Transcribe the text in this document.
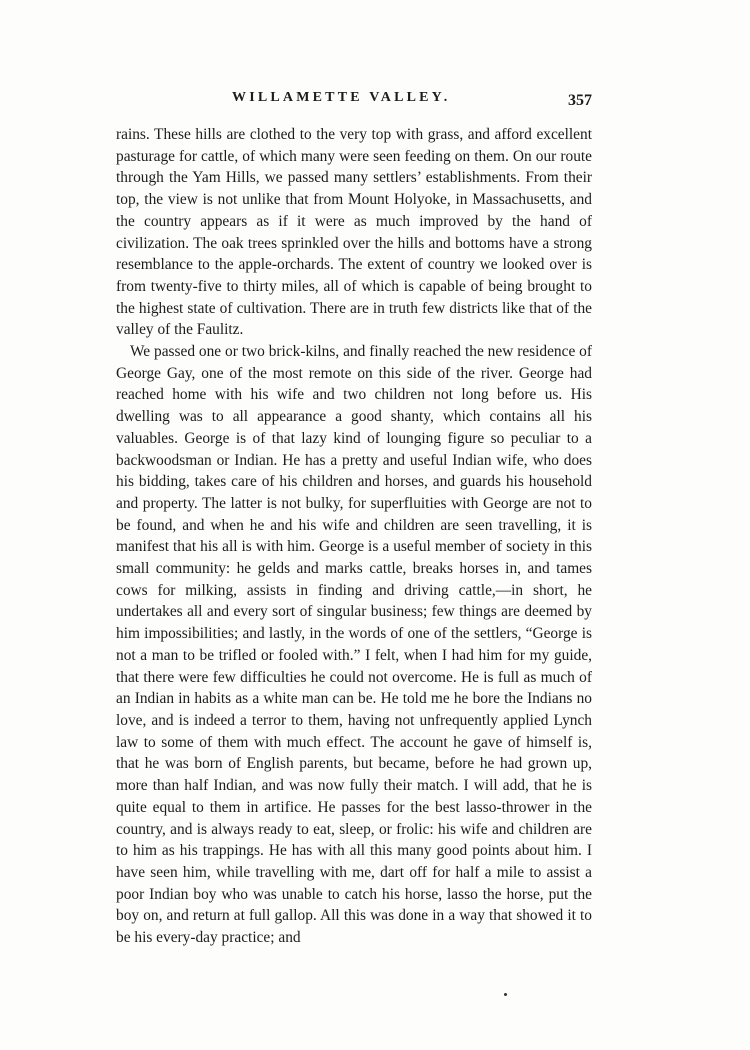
WILLAMETTE VALLEY.	357

rains. These hills are clothed to the very top with grass, and afford excellent pasturage for cattle, of which many were seen feeding on them. On our route through the Yam Hills, we passed many settlers’ establishments. From their top, the view is not unlike that from Mount Holyoke, in Massachusetts, and the country appears as if it were as much improved by the hand of civilization. The oak trees sprinkled over the hills and bottoms have a strong resemblance to the apple-orchards. The extent of country we looked over is from twenty-five to thirty miles, all of which is capable of being brought to the highest state of cultivation. There are in truth few districts like that of the valley of the Faulitz.

We passed one or two brick-kilns, and finally reached the new residence of George Gay, one of the most remote on this side of the river. George had reached home with his wife and two children not long before us. His dwelling was to all appearance a good shanty, which contains all his valuables. George is of that lazy kind of lounging figure so peculiar to a backwoodsman or Indian. He has a pretty and useful Indian wife, who does his bidding, takes care of his children and horses, and guards his household and property. The latter is not bulky, for superfluities with George are not to be found, and when he and his wife and children are seen travelling, it is manifest that his all is with him. George is a useful member of society in this small community: he gelds and marks cattle, breaks horses in, and tames cows for milking, assists in finding and driving cattle,—in short, he undertakes all and every sort of singular business; few things are deemed by him impossibilities; and lastly, in the words of one of the settlers, “George is not a man to be trifled or fooled with.” I felt, when I had him for my guide, that there were few difficulties he could not overcome. He is full as much of an Indian in habits as a white man can be. He told me he bore the Indians no love, and is indeed a terror to them, having not unfrequently applied Lynch law to some of them with much effect. The account he gave of himself is, that he was born of English parents, but became, before he had grown up, more than half Indian, and was now fully their match. I will add, that he is quite equal to them in artifice. He passes for the best lasso-thrower in the country, and is always ready to eat, sleep, or frolic: his wife and children are to him as his trappings. He has with all this many good points about him. I have seen him, while travelling with me, dart off for half a mile to assist a poor Indian boy who was unable to catch his horse, lasso the horse, put the boy on, and return at full gallop. All this was done in a way that showed it to be his every-day practice; and
